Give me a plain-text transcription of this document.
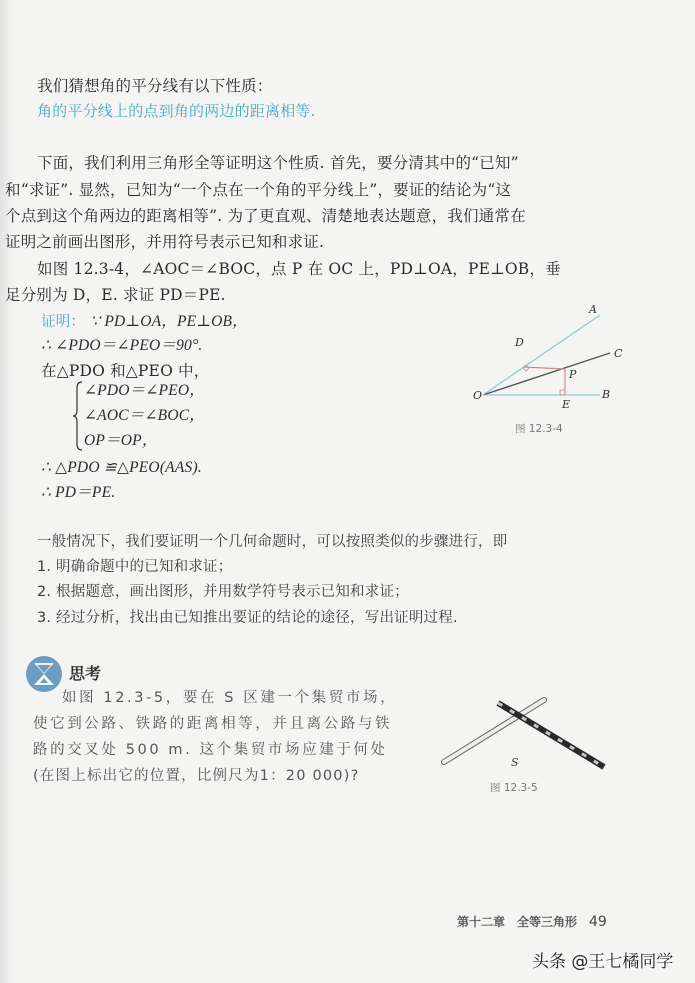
我们猜想角的平分线有以下性质：
角的平分线上的点到角的两边的距离相等.
下面，我们利用三角形全等证明这个性质. 首先，要分清其中的“已知”
和“求证”. 显然，已知为“一个点在一个角的平分线上”，要证的结论为“这
个点到这个角两边的距离相等”. 为了更直观、清楚地表达题意，我们通常在
证明之前画出图形，并用符号表示已知和求证.
如图 12.3-4，∠AOC＝∠BOC，点 P 在 OC 上，PD⊥OA，PE⊥OB，垂
足分别为 D，E. 求证 PD＝PE.
证明： ∵ PD⊥OA，PE⊥OB，
∴ ∠PDO＝∠PEO＝90°.
在△PDO 和△PEO 中，
∠PDO＝∠PEO，
∠AOC＝∠BOC，
OP＝OP，
∴ △PDO ≌△PEO(AAS).
∴ PD＝PE.
A
C
B
D
P
E
O
图 12.3-4
一般情况下，我们要证明一个几何命题时，可以按照类似的步骤进行，即
1. 明确命题中的已知和求证；
2. 根据题意，画出图形，并用数学符号表示已知和求证；
3. 经过分析，找出由已知推出要证的结论的途径，写出证明过程.
思考
如图 12.3-5，要在 S 区建一个集贸市场，
使它到公路、铁路的距离相等，并且离公路与铁
路的交叉处 500 m. 这个集贸市场应建于何处
(在图上标出它的位置，比例尺为1：20 000)?
S
图 12.3-5
第十二章　全等三角形 49
头条 @王七橘同学
